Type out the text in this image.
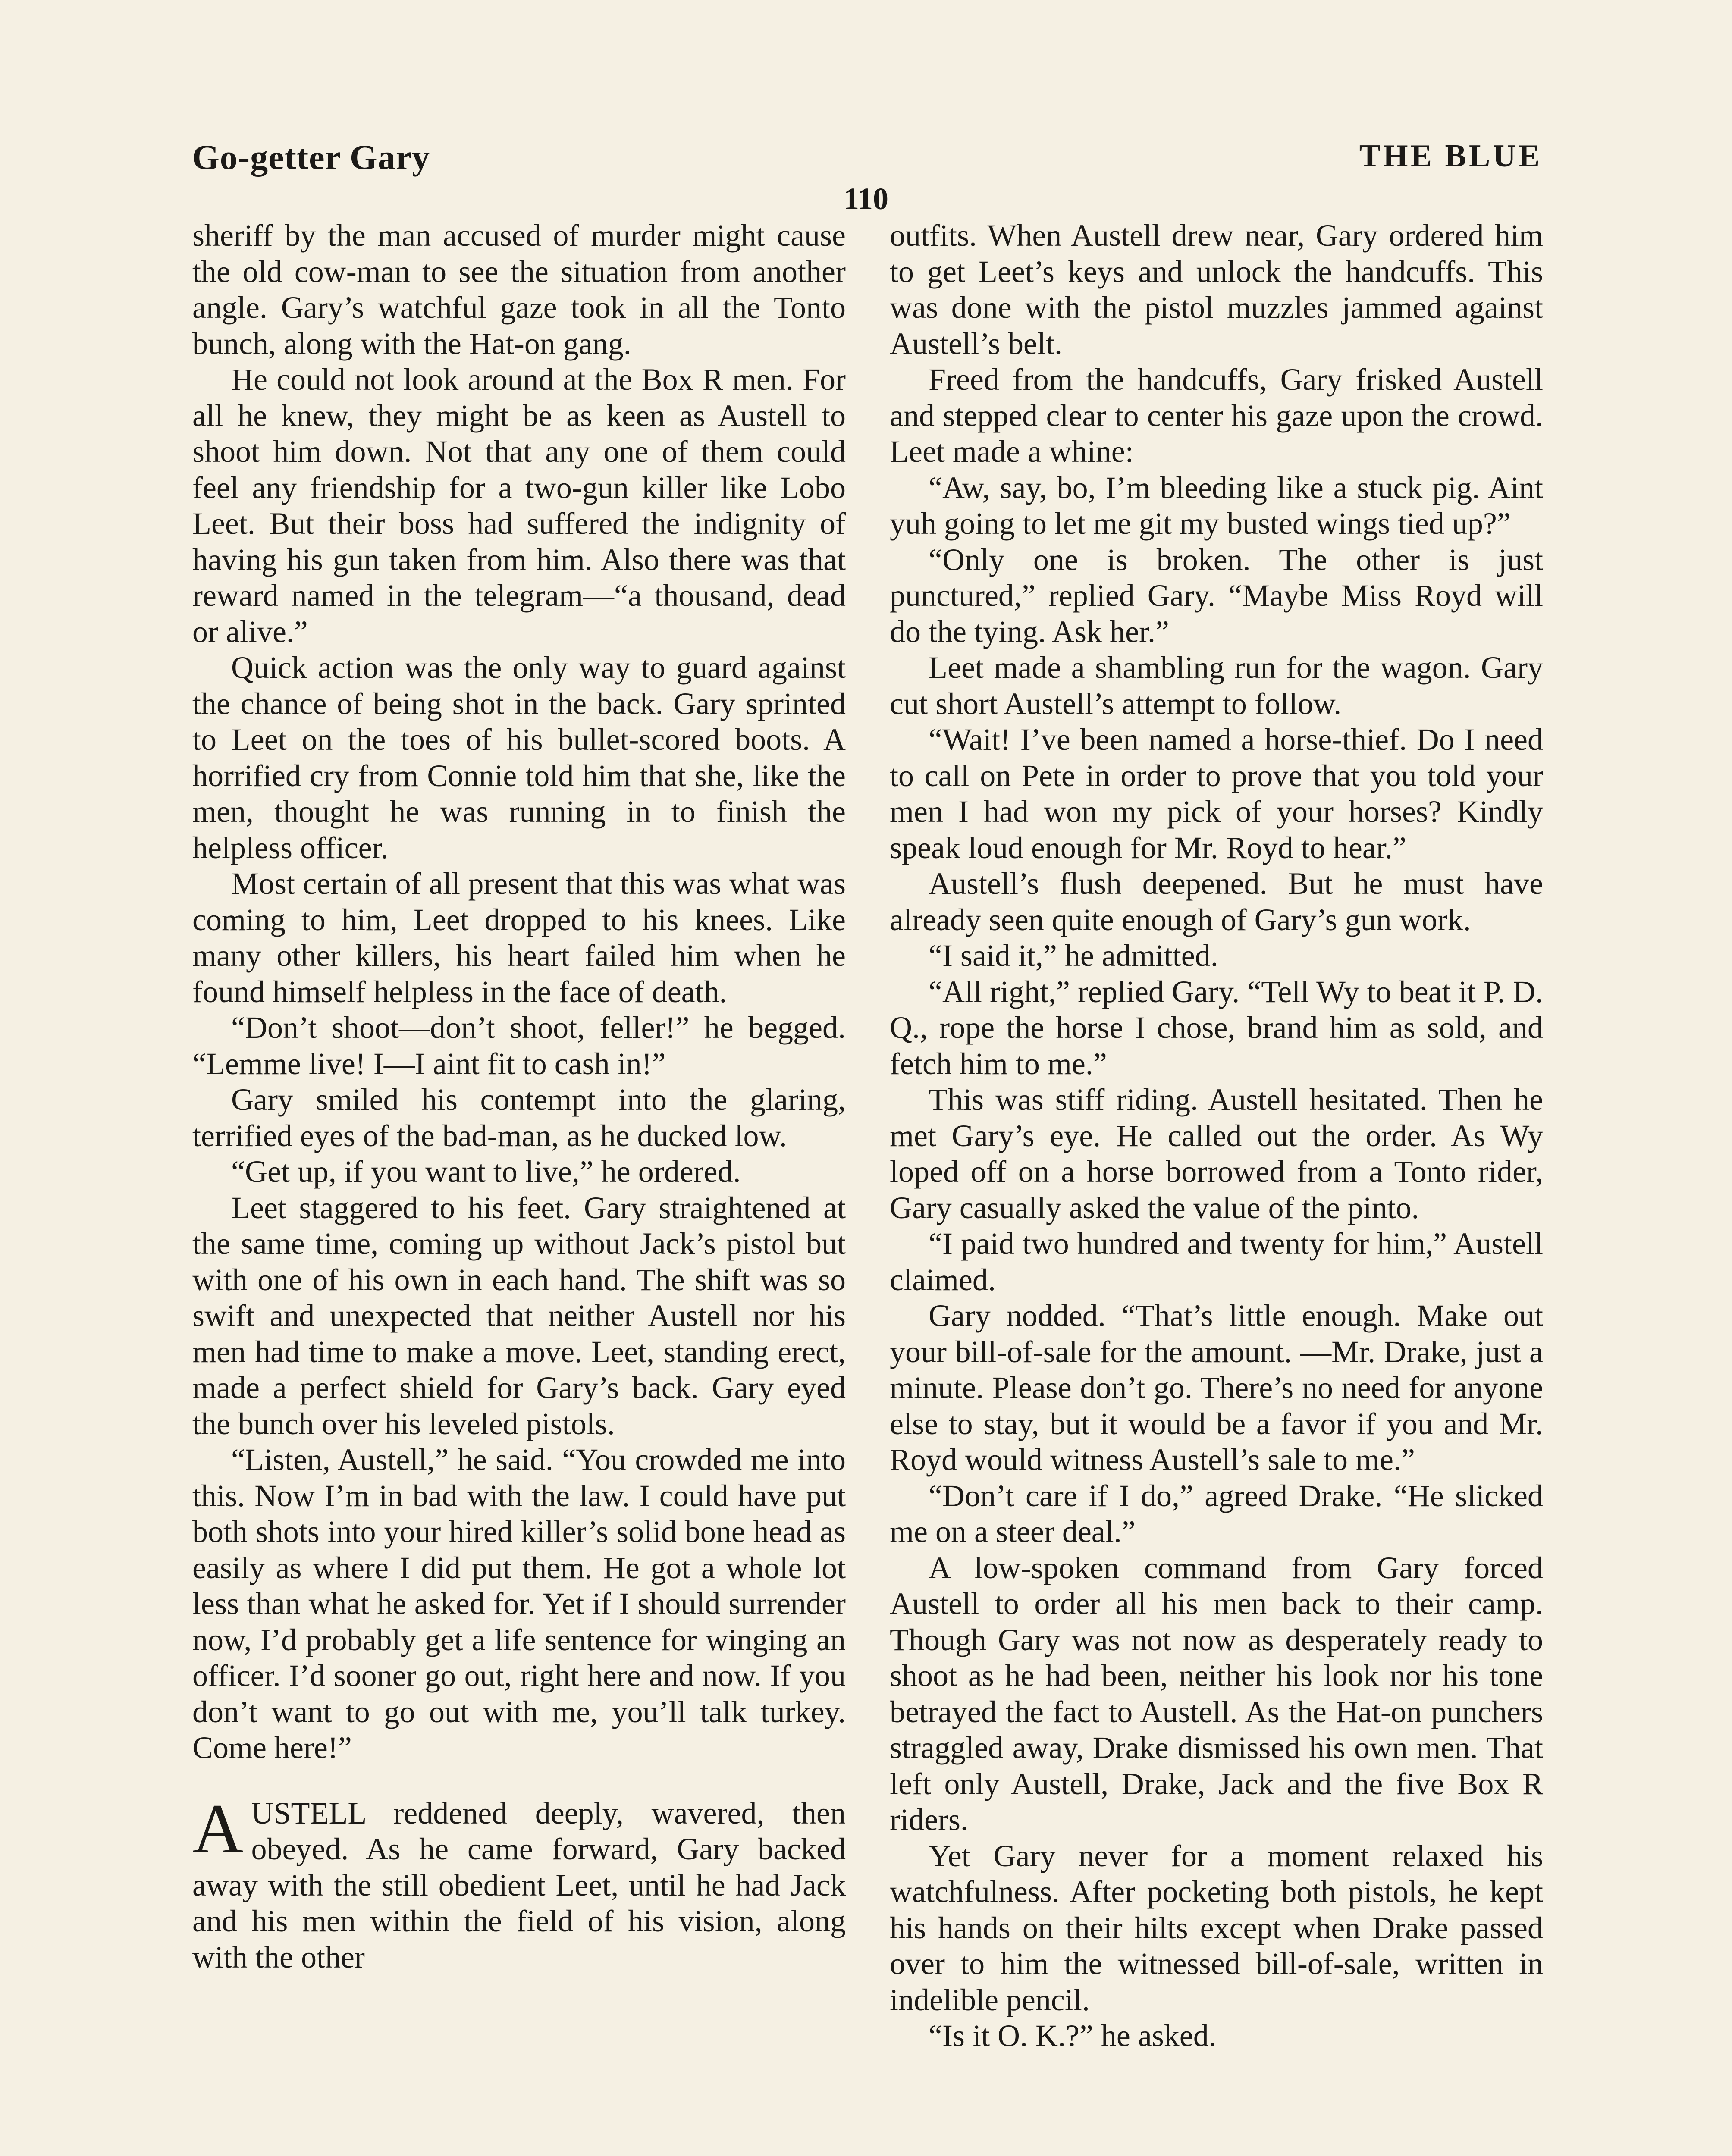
Go-getter Gary	THE BLUE
110

sheriff by the man accused of murder might cause the old cow-man to see the situation from another angle. Gary’s watchful gaze took in all the Tonto bunch, along with the Hat-on gang.

He could not look around at the Box R men. For all he knew, they might be as keen as Austell to shoot him down. Not that any one of them could feel any friendship for a two-gun killer like Lobo Leet. But their boss had suffered the indignity of having his gun taken from him. Also there was that reward named in the telegram—“a thousand, dead or alive.”

Quick action was the only way to guard against the chance of being shot in the back. Gary sprinted to Leet on the toes of his bullet-scored boots. A horrified cry from Connie told him that she, like the men, thought he was running in to finish the helpless officer.

Most certain of all present that this was what was coming to him, Leet dropped to his knees. Like many other killers, his heart failed him when he found himself helpless in the face of death.

“Don’t shoot—don’t shoot, feller!” he begged. “Lemme live! I—I aint fit to cash in!”

Gary smiled his contempt into the glaring, terrified eyes of the bad-man, as he ducked low.

“Get up, if you want to live,” he ordered.

Leet staggered to his feet. Gary straightened at the same time, coming up without Jack’s pistol but with one of his own in each hand. The shift was so swift and unexpected that neither Austell nor his men had time to make a move. Leet, standing erect, made a perfect shield for Gary’s back. Gary eyed the bunch over his leveled pistols.

“Listen, Austell,” he said. “You crowded me into this. Now I’m in bad with the law. I could have put both shots into your hired killer’s solid bone head as easily as where I did put them. He got a whole lot less than what he asked for. Yet if I should surrender now, I’d probably get a life sentence for winging an officer. I’d sooner go out, right here and now. If you don’t want to go out with me, you’ll talk turkey. Come here!”

AUSTELL reddened deeply, wavered, then obeyed. As he came forward, Gary backed away with the still obedient Leet, until he had Jack and his men within the field of his vision, along with the other

outfits. When Austell drew near, Gary ordered him to get Leet’s keys and unlock the handcuffs. This was done with the pistol muzzles jammed against Austell’s belt.

Freed from the handcuffs, Gary frisked Austell and stepped clear to center his gaze upon the crowd. Leet made a whine:

“Aw, say, bo, I’m bleeding like a stuck pig. Aint yuh going to let me git my busted wings tied up?”

“Only one is broken. The other is just punctured,” replied Gary. “Maybe Miss Royd will do the tying. Ask her.”

Leet made a shambling run for the wagon. Gary cut short Austell’s attempt to follow.

“Wait! I’ve been named a horse-thief. Do I need to call on Pete in order to prove that you told your men I had won my pick of your horses? Kindly speak loud enough for Mr. Royd to hear.”

Austell’s flush deepened. But he must have already seen quite enough of Gary’s gun work.

“I said it,” he admitted.

“All right,” replied Gary. “Tell Wy to beat it P. D. Q., rope the horse I chose, brand him as sold, and fetch him to me.”

This was stiff riding. Austell hesitated. Then he met Gary’s eye. He called out the order. As Wy loped off on a horse borrowed from a Tonto rider, Gary casually asked the value of the pinto.

“I paid two hundred and twenty for him,” Austell claimed.

Gary nodded. “That’s little enough. Make out your bill-of-sale for the amount. —Mr. Drake, just a minute. Please don’t go. There’s no need for anyone else to stay, but it would be a favor if you and Mr. Royd would witness Austell’s sale to me.”

“Don’t care if I do,” agreed Drake. “He slicked me on a steer deal.”

A low-spoken command from Gary forced Austell to order all his men back to their camp. Though Gary was not now as desperately ready to shoot as he had been, neither his look nor his tone betrayed the fact to Austell. As the Hat-on punchers straggled away, Drake dismissed his own men. That left only Austell, Drake, Jack and the five Box R riders.

Yet Gary never for a moment relaxed his watchfulness. After pocketing both pistols, he kept his hands on their hilts except when Drake passed over to him the witnessed bill-of-sale, written in indelible pencil.

“Is it O. K.?” he asked.
